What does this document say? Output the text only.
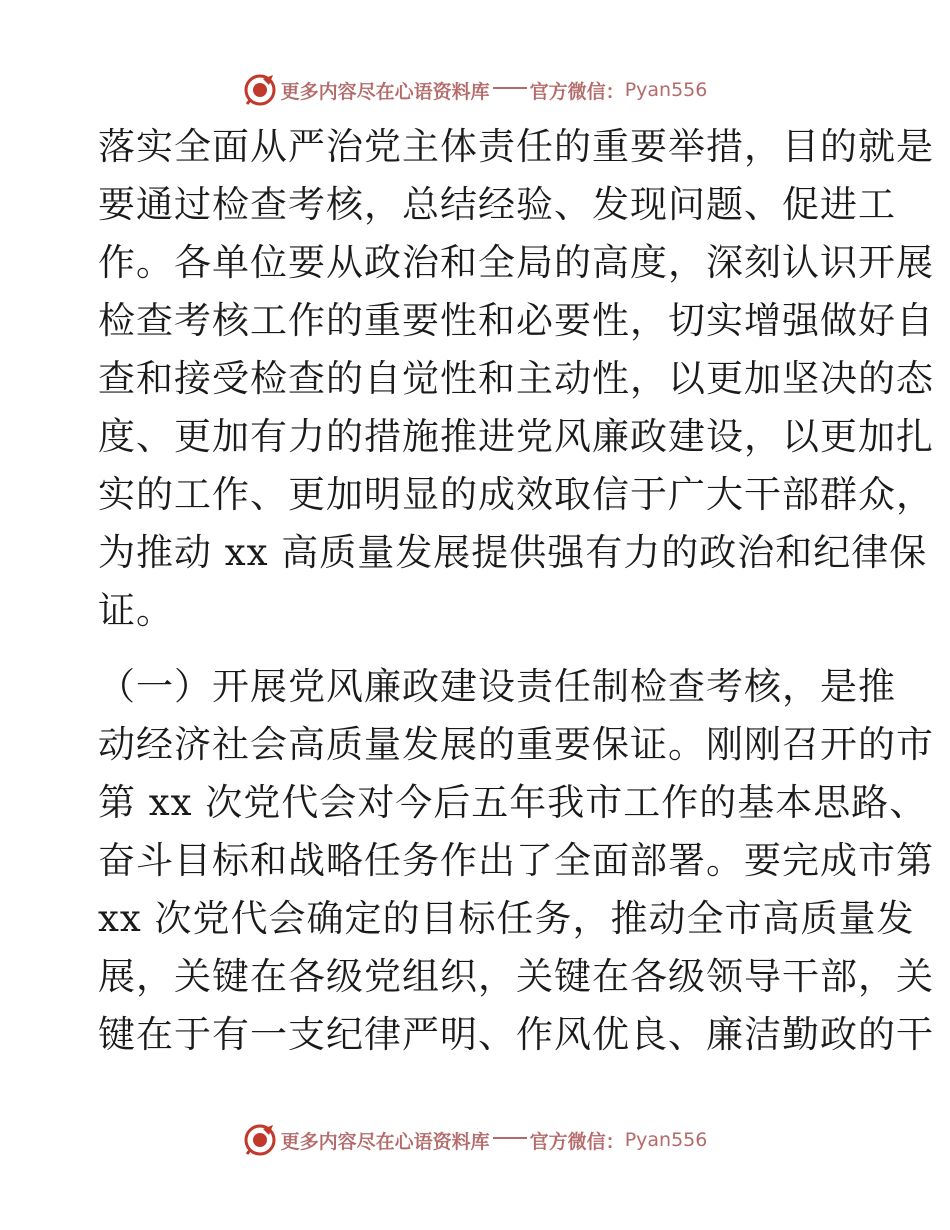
更多内容尽在心语资料库 官方微信： Pyan556
落实全面从严治党主体责任的重要举措，目的就是
要通过检查考核，总结经验、发现问题、促进工
作。各单位要从政治和全局的高度，深刻认识开展
检查考核工作的重要性和必要性，切实增强做好自
查和接受检查的自觉性和主动性，以更加坚决的态
度、更加有力的措施推进党风廉政建设，以更加扎
实的工作、更加明显的成效取信于广大干部群众，
为推动 xx 高质量发展提供强有力的政治和纪律保
证。
（一）开展党风廉政建设责任制检查考核，是推
动经济社会高质量发展的重要保证。刚刚召开的市
第 xx 次党代会对今后五年我市工作的基本思路、
奋斗目标和战略任务作出了全面部署。要完成市第
xx 次党代会确定的目标任务，推动全市高质量发
展，关键在各级党组织，关键在各级领导干部，关
键在于有一支纪律严明、作风优良、廉洁勤政的干
更多内容尽在心语资料库 官方微信： Pyan556
